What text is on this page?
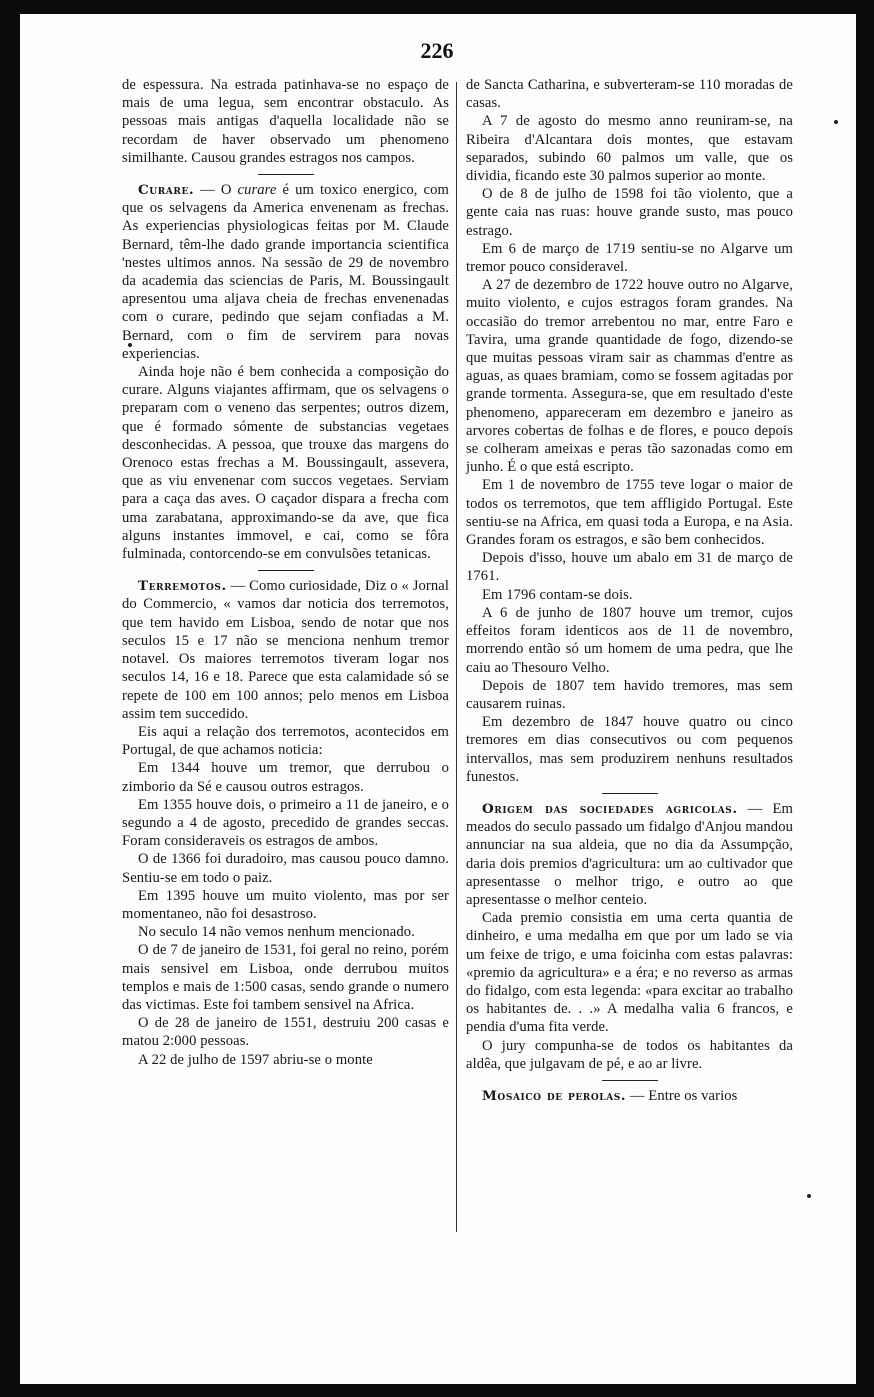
226

de espessura. Na estrada patinhava-se no espaço de mais de uma legua, sem encontrar obstaculo. As pessoas mais antigas d'aquella localidade não se recordam de haver observado um phenomeno similhante. Causou grandes estragos nos campos.

Curare. — O curare é um toxico energico, com que os selvagens da America envenenam as frechas. As experiencias physiologicas feitas por M. Claude Bernard, têm-lhe dado grande importancia scientifica 'nestes ultimos annos. Na sessão de 29 de novembro da academia das sciencias de Paris, M. Boussingault apresentou uma aljava cheia de frechas envenenadas com o curare, pedindo que sejam confiadas a M. Bernard, com o fim de servirem para novas experiencias.

Ainda hoje não é bem conhecida a composição do curare. Alguns viajantes affirmam, que os selvagens o preparam com o veneno das serpentes; outros dizem, que é formado sómente de substancias vegetaes desconhecidas. A pessoa, que trouxe das margens do Orenoco estas frechas a M. Boussingault, assevera, que as viu envenenar com succos vegetaes. Serviam para a caça das aves. O caçador dispara a frecha com uma zarabatana, approximando-se da ave, que fica alguns instantes immovel, e cai, como se fôra fulminada, contorcendo-se em convulsões tetanicas.

Terremotos. — Como curiosidade, Diz o « Jornal do Commercio, « vamos dar noticia dos terremotos, que tem havido em Lisboa, sendo de notar que nos seculos 15 e 17 não se menciona nenhum tremor notavel. Os maiores terremotos tiveram logar nos seculos 14, 16 e 18. Parece que esta calamidade só se repete de 100 em 100 annos; pelo menos em Lisboa assim tem succedido.

Eis aqui a relação dos terremotos, acontecidos em Portugal, de que achamos noticia:

Em 1344 houve um tremor, que derrubou o zimborio da Sé e causou outros estragos.

Em 1355 houve dois, o primeiro a 11 de janeiro, e o segundo a 4 de agosto, precedido de grandes seccas. Foram consideraveis os estragos de ambos.

O de 1366 foi duradoiro, mas causou pouco damno. Sentiu-se em todo o paiz.

Em 1395 houve um muito violento, mas por ser momentaneo, não foi desastroso.

No seculo 14 não vemos nenhum mencionado.

O de 7 de janeiro de 1531, foi geral no reino, porém mais sensivel em Lisboa, onde derrubou muitos templos e mais de 1:500 casas, sendo grande o numero das victimas. Este foi tambem sensivel na Africa.

O de 28 de janeiro de 1551, destruiu 200 casas e matou 2:000 pessoas.

A 22 de julho de 1597 abriu-se o monte

de Sancta Catharina, e subverteram-se 110 moradas de casas.

A 7 de agosto do mesmo anno reuniram-se, na Ribeira d'Alcantara dois montes, que estavam separados, subindo 60 palmos um valle, que os dividia, ficando este 30 palmos superior ao monte.

O de 8 de julho de 1598 foi tão violento, que a gente caia nas ruas: houve grande susto, mas pouco estrago.

Em 6 de março de 1719 sentiu-se no Algarve um tremor pouco consideravel.

A 27 de dezembro de 1722 houve outro no Algarve, muito violento, e cujos estragos foram grandes. Na occasião do tremor arrebentou no mar, entre Faro e Tavira, uma grande quantidade de fogo, dizendo-se que muitas pessoas viram sair as chammas d'entre as aguas, as quaes bramiam, como se fossem agitadas por grande tormenta. Assegura-se, que em resultado d'este phenomeno, appareceram em dezembro e janeiro as arvores cobertas de folhas e de flores, e pouco depois se colheram ameixas e peras tão sazonadas como em junho. É o que está escripto.

Em 1 de novembro de 1755 teve logar o maior de todos os terremotos, que tem affligido Portugal. Este sentiu-se na Africa, em quasi toda a Europa, e na Asia. Grandes foram os estragos, e são bem conhecidos.

Depois d'isso, houve um abalo em 31 de março de 1761.

Em 1796 contam-se dois.

A 6 de junho de 1807 houve um tremor, cujos effeitos foram identicos aos de 11 de novembro, morrendo então só um homem de uma pedra, que lhe caiu ao Thesouro Velho.

Depois de 1807 tem havido tremores, mas sem causarem ruinas.

Em dezembro de 1847 houve quatro ou cinco tremores em dias consecutivos ou com pequenos intervallos, mas sem produzirem nenhuns resultados funestos.

Origem das sociedades agricolas. — Em meados do seculo passado um fidalgo d'Anjou mandou annunciar na sua aldeia, que no dia da Assumpção, daria dois premios d'agricultura: um ao cultivador que apresentasse o melhor trigo, e outro ao que apresentasse o melhor centeio.

Cada premio consistia em uma certa quantia de dinheiro, e uma medalha em que por um lado se via um feixe de trigo, e uma foicinha com estas palavras: «premio da agricultura» e a éra; e no reverso as armas do fidalgo, com esta legenda: «para excitar ao trabalho os habitantes de. . .» A medalha valia 6 francos, e pendia d'uma fita verde.

O jury compunha-se de todos os habitantes da aldêa, que julgavam de pé, e ao ar livre.

Mosaico de perolas. — Entre os varios
